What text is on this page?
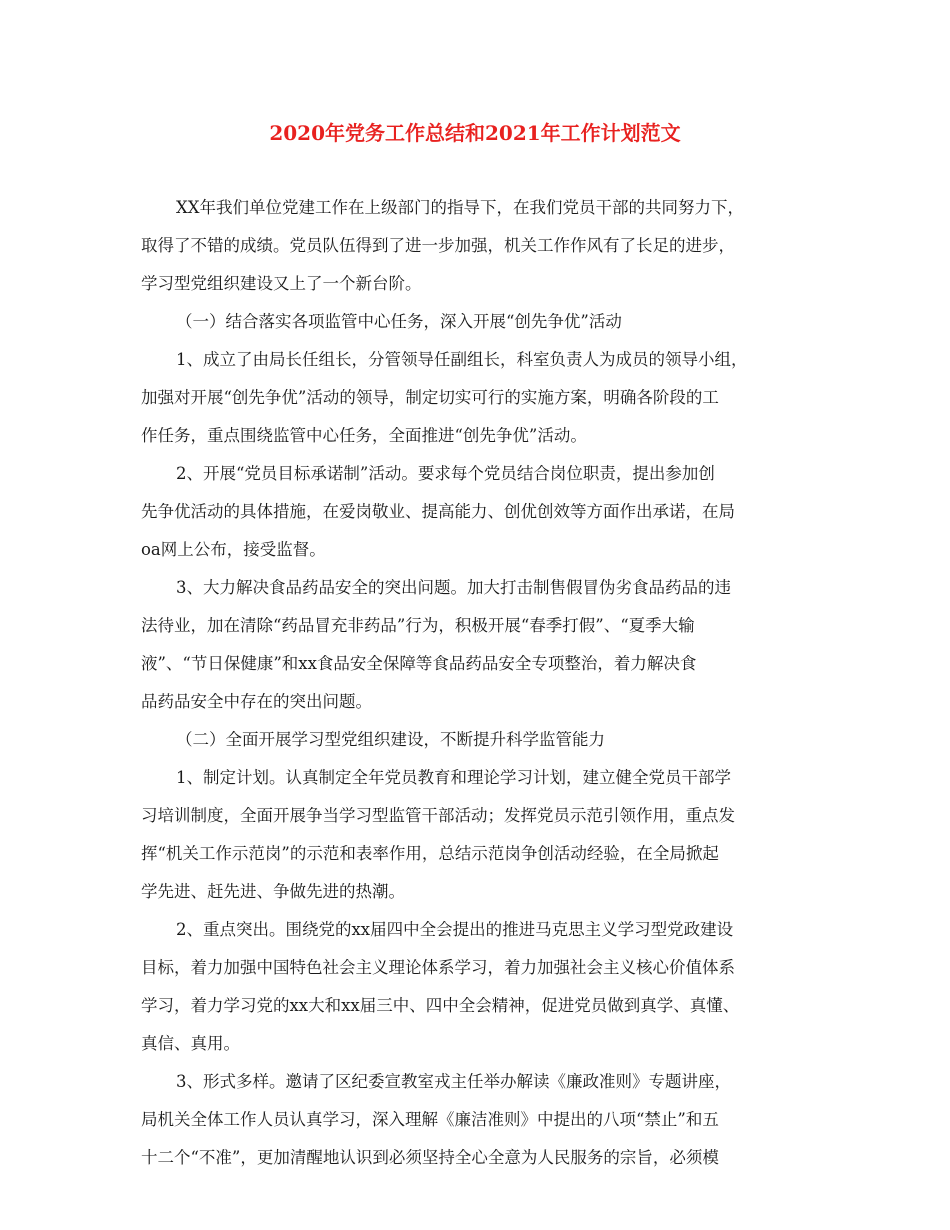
2020年党务工作总结和2021年工作计划范文
XX年我们单位党建工作在上级部门的指导下，在我们党员干部的共同努力下，
取得了不错的成绩。党员队伍得到了进一步加强，机关工作作风有了长足的进步，
学习型党组织建设又上了一个新台阶。
（一）结合落实各项监管中心任务，深入开展“创先争优”活动
1、成立了由局长任组长，分管领导任副组长，科室负责人为成员的领导小组，
加强对开展“创先争优”活动的领导，制定切实可行的实施方案，明确各阶段的工
作任务，重点围绕监管中心任务，全面推进“创先争优”活动。
2、开展“党员目标承诺制”活动。要求每个党员结合岗位职责，提出参加创
先争优活动的具体措施，在爱岗敬业、提高能力、创优创效等方面作出承诺，在局
oa网上公布，接受监督。
3、大力解决食品药品安全的突出问题。加大打击制售假冒伪劣食品药品的违
法待业，加在清除“药品冒充非药品”行为，积极开展“春季打假”、“夏季大输
液”、“节日保健康”和xx食品安全保障等食品药品安全专项整治，着力解决食
品药品安全中存在的突出问题。
（二）全面开展学习型党组织建设，不断提升科学监管能力
1、制定计划。认真制定全年党员教育和理论学习计划，建立健全党员干部学
习培训制度，全面开展争当学习型监管干部活动；发挥党员示范引领作用，重点发
挥“机关工作示范岗”的示范和表率作用，总结示范岗争创活动经验，在全局掀起
学先进、赶先进、争做先进的热潮。
2、重点突出。围绕党的xx届四中全会提出的推进马克思主义学习型党政建设
目标，着力加强中国特色社会主义理论体系学习，着力加强社会主义核心价值体系
学习，着力学习党的xx大和xx届三中、四中全会精神，促进党员做到真学、真懂、
真信、真用。
3、形式多样。邀请了区纪委宣教室戎主任举办解读《廉政准则》专题讲座，
局机关全体工作人员认真学习，深入理解《廉洁准则》中提出的八项“禁止”和五
十二个“不准”，更加清醒地认识到必须坚持全心全意为人民服务的宗旨，必须模
